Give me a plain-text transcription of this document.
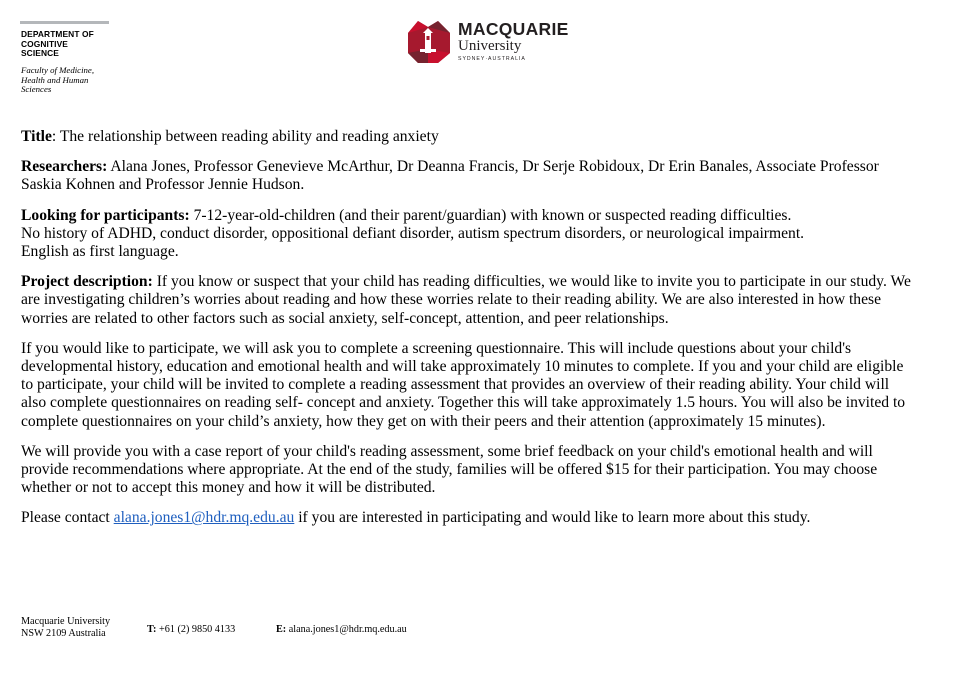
DEPARTMENT OF
COGNITIVE
SCIENCE
Faculty of Medicine,
Health and Human
Sciences
MACQUARIE
University
SYDNEY·AUSTRALIA

Title: The relationship between reading ability and reading anxiety

Researchers: Alana Jones, Professor Genevieve McArthur, Dr Deanna Francis, Dr Serje Robidoux, Dr Erin Banales, Associate Professor Saskia Kohnen and Professor Jennie Hudson.

Looking for participants: 7-12-year-old-children (and their parent/guardian) with known or suspected reading difficulties.
No history of ADHD, conduct disorder, oppositional defiant disorder, autism spectrum disorders, or neurological impairment.
English as first language.

Project description: If you know or suspect that your child has reading difficulties, we would like to invite you to participate in our study. We are investigating children’s worries about reading and how these worries relate to their reading ability. We are also interested in how these worries are related to other factors such as social anxiety, self-concept, attention, and peer relationships.

If you would like to participate, we will ask you to complete a screening questionnaire. This will include questions about your child's developmental history, education and emotional health and will take approximately 10 minutes to complete. If you and your child are eligible to participate, your child will be invited to complete a reading assessment that provides an overview of their reading ability. Your child will also complete questionnaires on reading self- concept and anxiety. Together this will take approximately 1.5 hours. You will also be invited to complete questionnaires on your child’s anxiety, how they get on with their peers and their attention (approximately 15 minutes).

We will provide you with a case report of your child's reading assessment, some brief feedback on your child's emotional health and will provide recommendations where appropriate. At the end of the study, families will be offered $15 for their participation. You may choose whether or not to accept this money and how it will be distributed.

Please contact alana.jones1@hdr.mq.edu.au if you are interested in participating and would like to learn more about this study.

Macquarie University
NSW 2109 Australia	T: +61 (2) 9850 4133	E: alana.jones1@hdr.mq.edu.au
